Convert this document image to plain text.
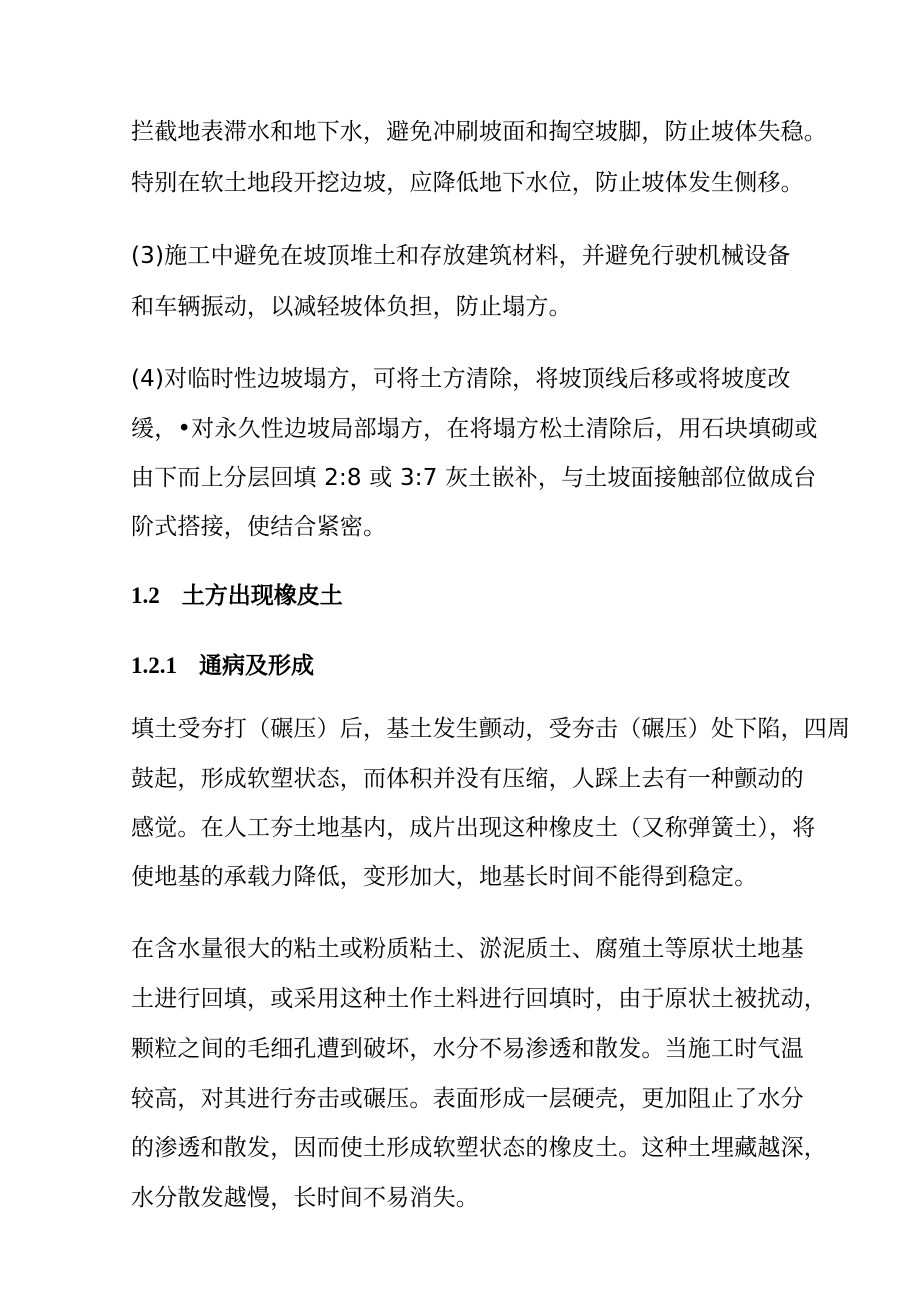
拦截地表滞水和地下水，避免冲刷坡面和掏空坡脚，防止坡体失稳。
特别在软土地段开挖边坡，应降低地下水位，防止坡体发生侧移。
(3)施工中避免在坡顶堆土和存放建筑材料，并避免行驶机械设备
和车辆振动，以减轻坡体负担，防止塌方。
(4)对临时性边坡塌方，可将土方清除，将坡顶线后移或将坡度改
缓，•对永久性边坡局部塌方，在将塌方松土清除后，用石块填砌或
由下而上分层回填 2:8 或 3:7 灰土嵌补，与土坡面接触部位做成台
阶式搭接，使结合紧密。
1.2 土方出现橡皮土
1.2.1 通病及形成
填土受夯打（碾压）后，基土发生颤动，受夯击（碾压）处下陷，四周
鼓起，形成软塑状态，而体积并没有压缩，人踩上去有一种颤动的
感觉。在人工夯土地基内，成片出现这种橡皮土（又称弹簧土），将
使地基的承载力降低，变形加大，地基长时间不能得到稳定。
在含水量很大的粘土或粉质粘土、淤泥质土、腐殖土等原状土地基
土进行回填，或采用这种土作土料进行回填时，由于原状土被扰动，
颗粒之间的毛细孔遭到破坏，水分不易渗透和散发。当施工时气温
较高，对其进行夯击或碾压。表面形成一层硬壳，更加阻止了水分
的渗透和散发，因而使土形成软塑状态的橡皮土。这种土埋藏越深，
水分散发越慢，长时间不易消失。
